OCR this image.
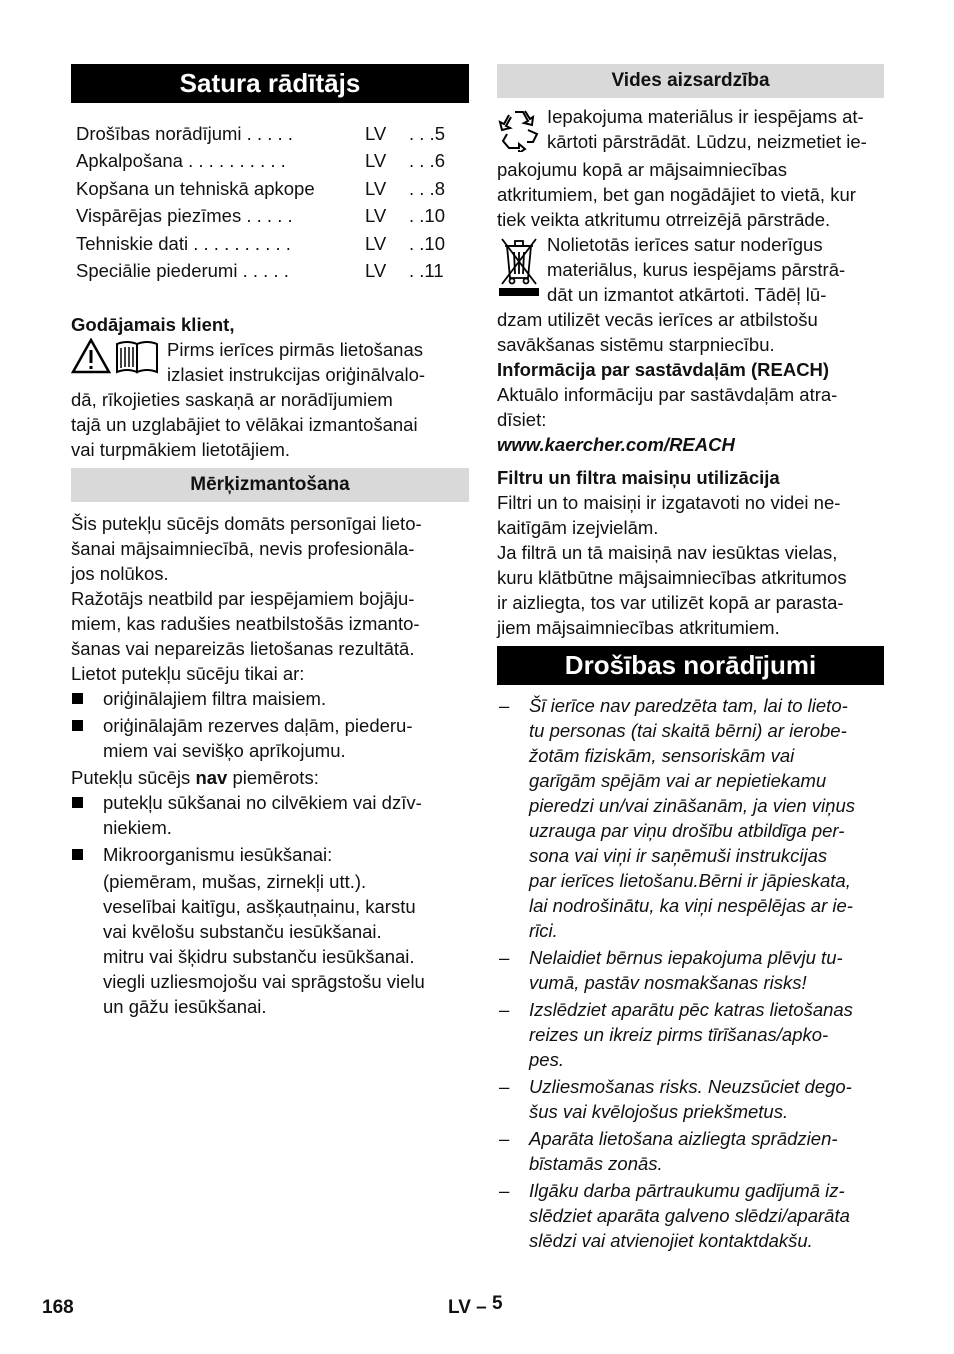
Satura rādītājs
Drošības norādījumi . . . . .	LV . . .5
Apkalpošana . . . . . . . . . .	LV . . .6
Kopšana un tehniskā apkope	LV . . .8
Vispārējas piezīmes . . . . .	LV . .10
Tehniskie dati . . . . . . . . . .	LV . .10
Speciālie piederumi . . . . .	LV . .11
Godājamais klient,

Pirms ierīces pirmās lietošanas

izlasiet instrukcijas oriģinālvalo-

dā, rīkojieties saskaņā ar norādījumiem

tajā un uzglabājiet to vēlākai izmantošanai

vai turpmākiem lietotājiem.

Mērķizmantošana

Šis putekļu sūcējs domāts personīgai lieto-

šanai mājsaimniecībā, nevis profesionāla-

jos nolūkos.

Ražotājs neatbild par iespējamiem bojāju-

miem, kas radušies neatbilstošās izmanto-

šanas vai nepareizās lietošanas rezultātā.

Lietot putekļu sūcēju tikai ar:

oriģinālajiem filtra maisiem.
oriģinālajām rezerves daļām, piederu-
miem vai sevišķo aprīkojumu.

Putekļu sūcējs nav piemērots:

putekļu sūkšanai no cilvēkiem vai dzīv-
niekiem.
Mikroorganismu iesūkšanai:
(piemēram, mušas, zirnekļi utt.).
veselībai kaitīgu, asšķautņainu, karstu
vai kvēlošu substanču iesūkšanai.
mitru vai šķidru substanču iesūkšanai.
viegli uzliesmojošu vai sprāgstošu vielu
un gāžu iesūkšanai.
Vides aizsardzība

Iepakojuma materiālus ir iespējams at-

kārtoti pārstrādāt. Lūdzu, neizmetiet ie-

pakojumu kopā ar mājsaimniecības

atkritumiem, bet gan nogādājiet to vietā, kur

tiek veikta atkritumu otrreizējā pārstrāde.

Nolietotās ierīces satur noderīgus

materiālus, kurus iespējams pārstrā-

dāt un izmantot atkārtoti. Tādēļ lū-

dzam utilizēt vecās ierīces ar atbilstošu

savākšanas sistēmu starpniecību.

Informācija par sastāvdaļām (REACH)

Aktuālo informāciju par sastāvdaļām atra-

dīsiet:

www.kaercher.com/REACH

Filtru un filtra maisiņu utilizācija

Filtri un to maisiņi ir izgatavoti no videi ne-

kaitīgām izejvielām.

Ja filtrā un tā maisiņā nav iesūktas vielas,

kuru klātbūtne mājsaimniecības atkritumos

ir aizliegta, tos var utilizēt kopā ar parasta-

jiem mājsaimniecības atkritumiem.

Drošības norādījumi
– Šī ierīce nav paredzēta tam, lai to lieto-
tu personas (tai skaitā bērni) ar ierobe-
žotām fiziskām, sensoriskām vai
garīgām spējām vai ar nepietiekamu
pieredzi un/vai zināšanām, ja vien viņus
uzrauga par viņu drošību atbildīga per-
sona vai viņi ir saņēmuši instrukcijas
par ierīces lietošanu.Bērni ir jāpieskata,
lai nodrošinātu, ka viņi nespēlējas ar ie-
rīci.
– Nelaidiet bērnus iepakojuma plēvju tu-
vumā, pastāv nosmakšanas risks!
– Izslēdziet aparātu pēc katras lietošanas
reizes un ikreiz pirms tīrīšanas/apko-
pes.
– Uzliesmošanas risks. Neuzsūciet dego-
šus vai kvēlojošus priekšmetus.
– Aparāta lietošana aizliegta sprādzien-
bīstamās zonās.
– Ilgāku darba pārtraukumu gadījumā iz-
slēdziet aparāta galveno slēdzi/aparāta
slēdzi vai atvienojiet kontaktdakšu.
168	LV – 5
